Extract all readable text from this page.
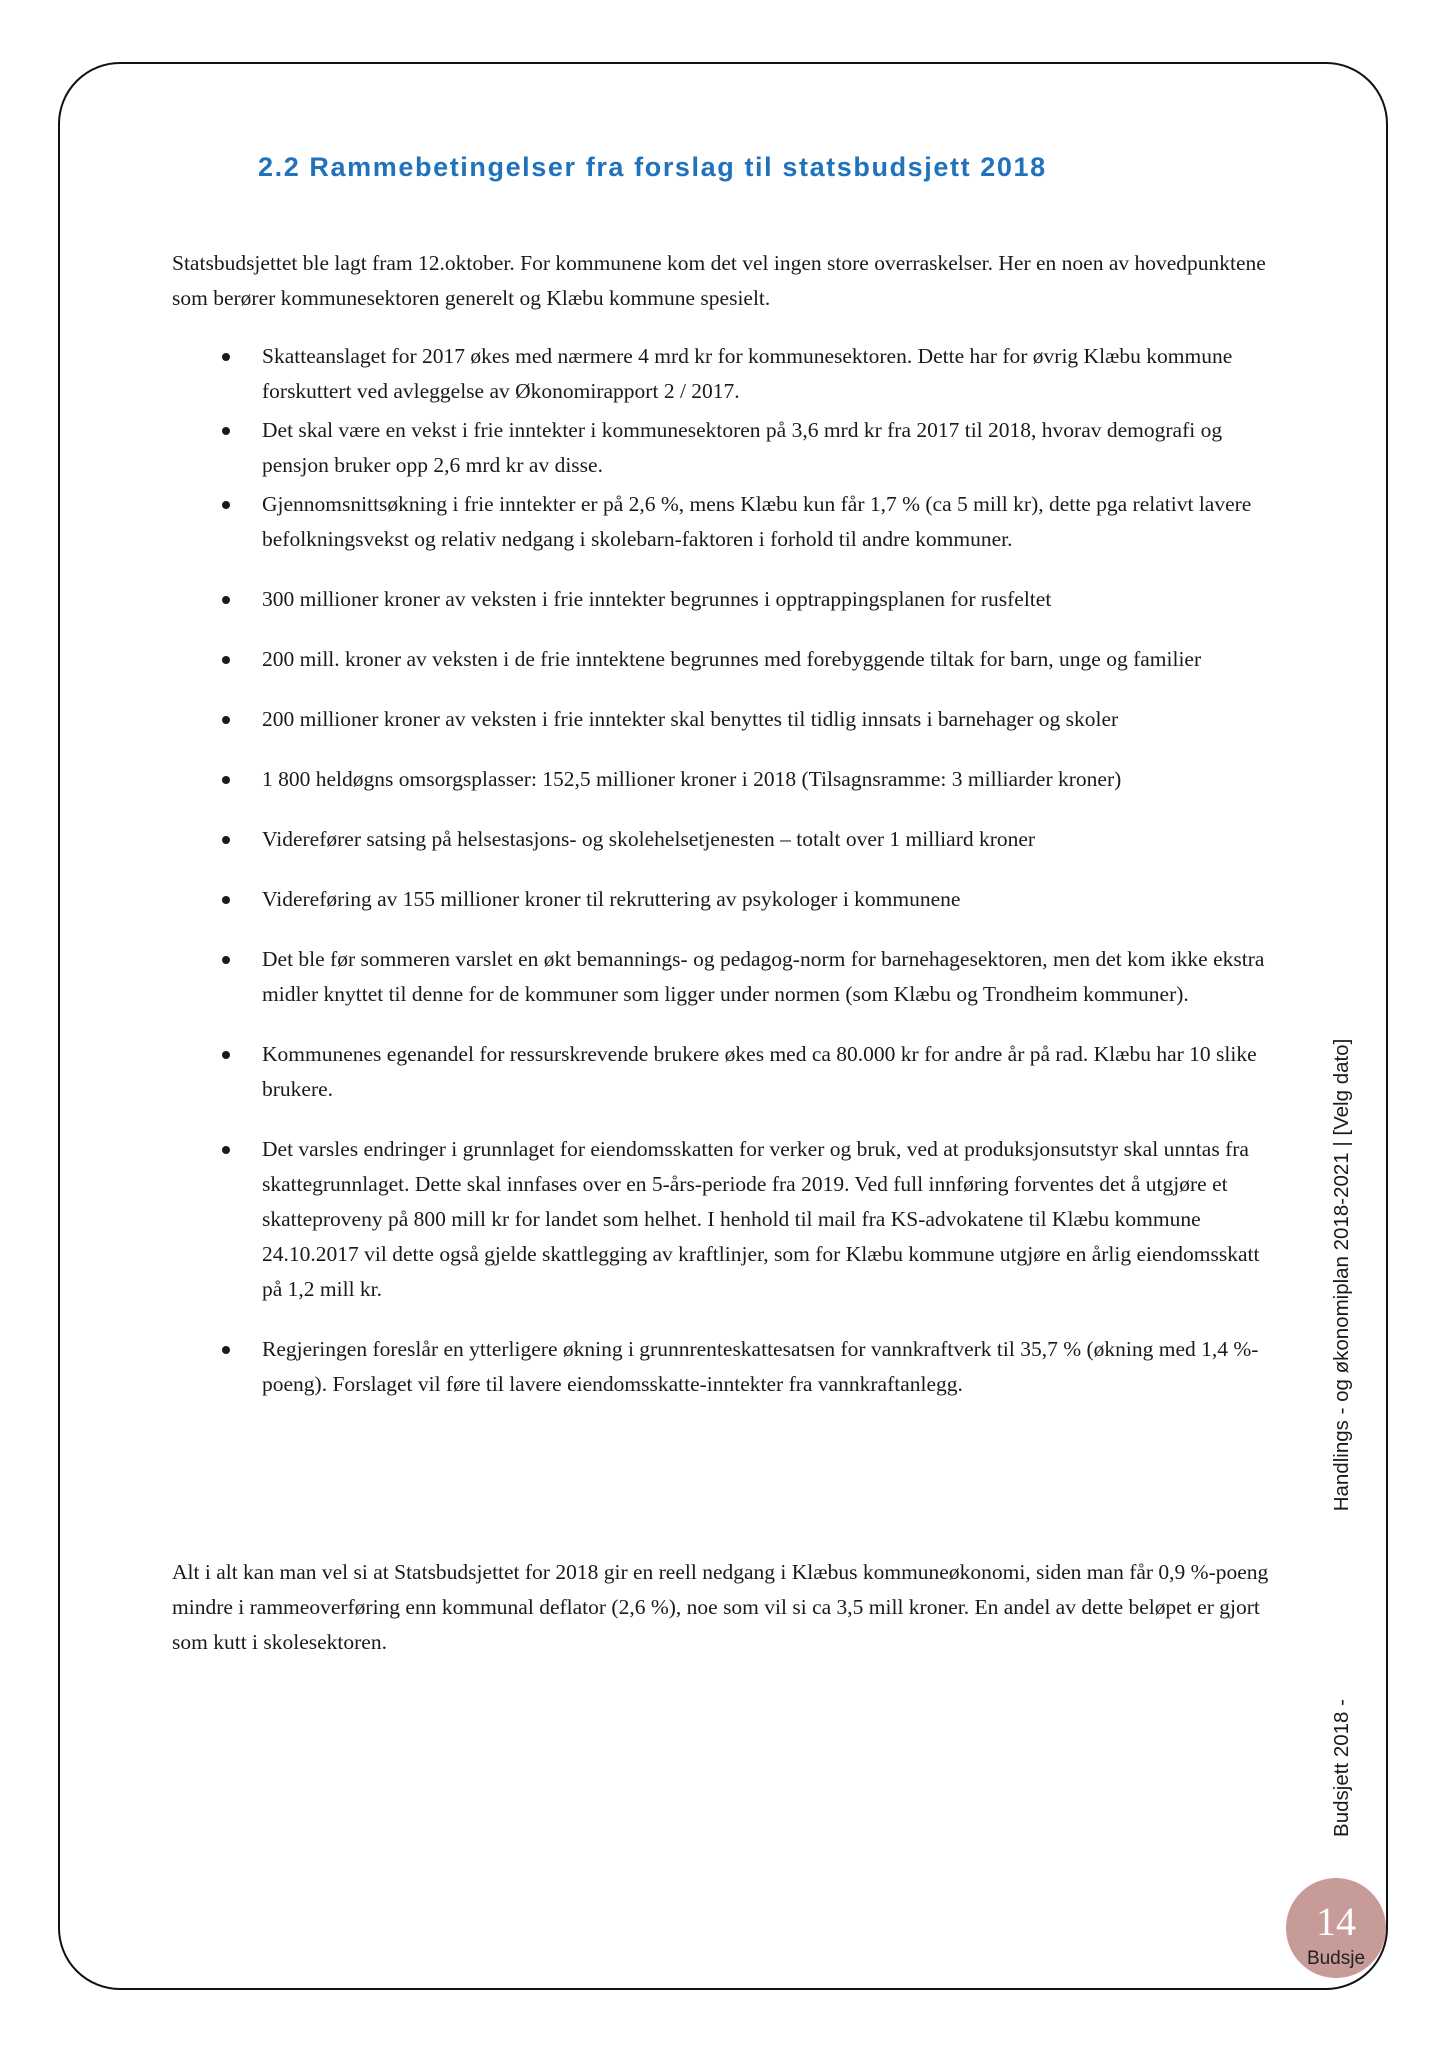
2.2 Rammebetingelser fra forslag til statsbudsjett 2018

Statsbudsjettet ble lagt fram 12.oktober. For kommunene kom det vel ingen store overraskelser. Her en noen av hovedpunktene som berører kommunesektoren generelt og Klæbu kommune spesielt.

Skatteanslaget for 2017 økes med nærmere 4 mrd kr for kommunesektoren. Dette har for øvrig Klæbu kommune forskuttert ved avleggelse av Økonomirapport 2 / 2017.
Det skal være en vekst i frie inntekter i kommunesektoren på 3,6 mrd kr fra 2017 til 2018, hvorav demografi og pensjon bruker opp 2,6 mrd kr av disse.
Gjennomsnittsøkning i frie inntekter er på 2,6 %, mens Klæbu kun får 1,7 % (ca 5 mill kr), dette pga relativt lavere befolkningsvekst og relativ nedgang i skolebarn-faktoren i forhold til andre kommuner.
300 millioner kroner av veksten i frie inntekter begrunnes i opptrappingsplanen for rusfeltet
200 mill. kroner av veksten i de frie inntektene begrunnes med forebyggende tiltak for barn, unge og familier
200 millioner kroner av veksten i frie inntekter skal benyttes til tidlig innsats i barnehager og skoler
1 800 heldøgns omsorgsplasser: 152,5 millioner kroner i 2018 (Tilsagnsramme: 3 milliarder kroner)
Viderefører satsing på helsestasjons- og skolehelsetjenesten – totalt over 1 milliard kroner
Videreføring av 155 millioner kroner til rekruttering av psykologer i kommunene
Det ble før sommeren varslet en økt bemannings- og pedagog-norm for barnehagesektoren, men det kom ikke ekstra midler knyttet til denne for de kommuner som ligger under normen (som Klæbu og Trondheim kommuner).
Kommunenes egenandel for ressurskrevende brukere økes med ca 80.000 kr for andre år på rad. Klæbu har 10 slike brukere.
Det varsles endringer i grunnlaget for eiendomsskatten for verker og bruk, ved at produksjonsutstyr skal unntas fra skattegrunnlaget. Dette skal innfases over en 5-års-periode fra 2019. Ved full innføring forventes det å utgjøre et skatteproveny på 800 mill kr for landet som helhet. I henhold til mail fra KS-advokatene til Klæbu kommune 24.10.2017 vil dette også gjelde skattlegging av kraftlinjer, som for Klæbu kommune utgjøre en årlig eiendomsskatt på 1,2 mill kr.
Regjeringen foreslår en ytterligere økning i grunnrenteskattesatsen for vannkraftverk til 35,7 % (økning med 1,4 %-poeng). Forslaget vil føre til lavere eiendomsskatte-inntekter fra vannkraftanlegg.

Alt i alt kan man vel si at Statsbudsjettet for 2018 gir en reell nedgang i Klæbus kommuneøkonomi, siden man får 0,9 %-poeng mindre i rammeoverføring enn kommunal deflator (2,6 %), noe som vil si ca 3,5 mill kroner. En andel av dette beløpet er gjort som kutt i skolesektoren.

Handlings - og økonomiplan 2018-2021 | [Velg dato]
Budsjett 2018 -
14
Budsje
